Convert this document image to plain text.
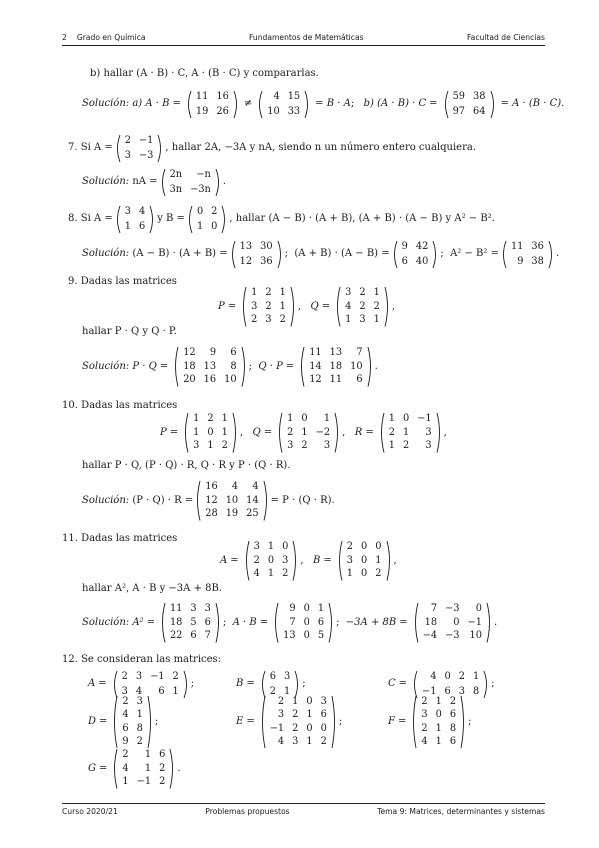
2 Grado en Química	Fundamentos de Matemáticas	Facultad de Ciencias
b) hallar (A · B) · C, A · (B · C) y compararlas.
Solución:
a)
A · B =
11	16
19	26
≠
4	15
10	33
= B · A;
b)
(A · B) · C =
59	38
97	64
= A · (B · C).
7. Si A =
2	−1
3	−3
, hallar 2A, −3A y nA, siendo n un número entero cualquiera.
Solución:
nA =
2n	−n
3n	−3n
.
8. Si A =
3	4
1	6
y B =
0	2
1	0
, hallar (A − B) · (A + B), (A + B) · (A − B) y A² − B².
Solución:
(A − B) · (A + B) =
13	30
12	36
; (A + B) · (A − B) =
9	42
6	40
; A² − B² =
11	36
9	38
.
9. Dadas las matrices
P =
1	2	1
3	2	1
2	3	2
, Q =
3	2	1
4	2	2
1	3	1
,
hallar P · Q y Q · P.
Solución:
P · Q =
12	9	6
18	13	8
20	16	10
; Q · P =
11	13	7
14	18	10
12	11	6
.
10. Dadas las matrices
P =
1	2	1
1	0	1
3	1	2
, Q =
1	0	1
2	1	−2
3	2	3
, R =
1	0	−1
2	1	3
1	2	3
,
hallar P · Q, (P · Q) · R, Q · R y P · (Q · R).
Solución:
(P · Q) · R =
16	4	4
12	10	14
28	19	25
= P · (Q · R).
11. Dadas las matrices
A =
3	1	0
2	0	3
4	1	2
, B =
2	0	0
3	0	1
1	0	2
,
hallar A², A · B y −3A + 8B.
Solución:
A² =
11	3	3
18	5	6
22	6	7
; A · B =
9	0	1
7	0	6
13	0	5
; −3A + 8B =
7	−3	0
18	0	−1
−4	−3	10
.
12. Se consideran las matrices:
A =
2	3	−1	2
3	4	6	1
;	B =
6	3
2	1
;	C =
4	0	2	1
−1	6	3	8
;
D =
2	3
4	1
6	8
9	2
;	E =
2	1	0	3
3	2	1	6
−1	2	0	0
4	3	1	2
;	F =
2	1	2
3	0	6
2	1	8
4	1	6
;
G =
2	1	6
4	1	2
1	−1	2
.
Curso 2020/21	Problemas propuestos	Tema 9: Matrices, determinantes y sistemas
